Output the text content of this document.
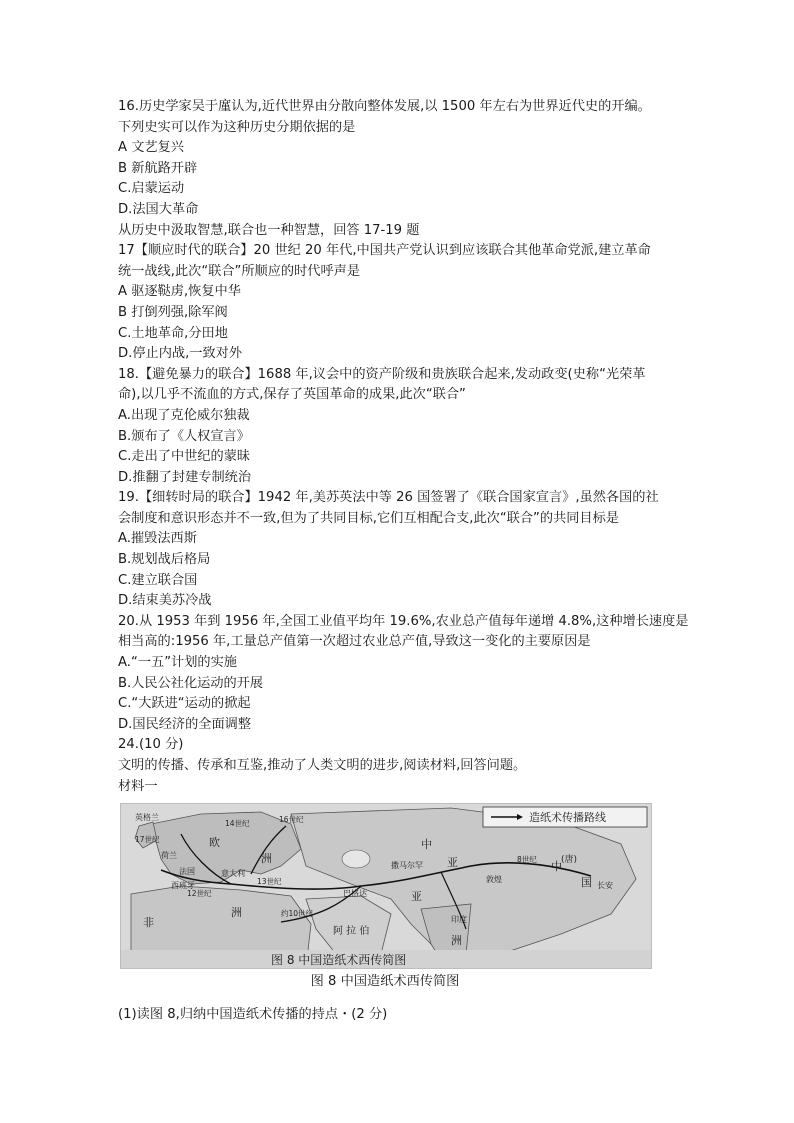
16.历史学家吴于廑认为,近代世界由分散向整体发展,以 1500 年左右为世界近代史的开编。
下列史实可以作为这种历史分期依据的是
A 文艺复兴
B 新航路开辟
C.启蒙运动
D.法国大革命
从历史中汲取智慧,联合也一种智慧，回答 17-19 题
17【顺应时代的联合】20 世纪 20 年代,中国共产党认识到应该联合其他革命党派,建立革命
统一战线,此次“联合”所顺应的时代呼声是
A 驱逐鞑虏,恢复中华
B 打倒列强,除军阀
C.土地革命,分田地
D.停止内战,一致对外
18.【避免暴力的联合】1688 年,议会中的资产阶级和贵族联合起来,发动政变(史称“光荣革
命),以几乎不流血的方式,保存了英国革命的成果,此次“联合”
A.出现了克伦威尔独裁
B.颁布了《人权宣言》
C.走出了中世纪的蒙昧
D.推翻了封建专制统治
19.【细转时局的联合】1942 年,美苏英法中等 26 国签署了《联合国家宣言》,虽然各国的社
会制度和意识形态并不一致,但为了共同目标,它们互相配合支,此次“联合”的共同目标是
A.摧毁法西斯
B.规划战后格局
C.建立联合国
D.结束美苏冷战
20.从 1953 年到 1956 年,全国工业值平均年 19.6%,农业总产值每年递增 4.8%,这种增长速度是
相当高的:1956 年,工量总产值第一次超过农业总产值,导致这一变化的主要原因是
A.“一五”计划的实施
B.人民公社化运动的开展
C.“大跃进“运动的掀起
D.国民经济的全面调整
24.(10 分)
文明的传播、传承和互鉴,推动了人类文明的进步,阅读材料,回答问题。
材料一
造纸术传播路线
欧
洲
非
洲
阿 拉 伯
中
亚
亚
洲
中
国
(唐)
英格兰
荷兰
法国	意大利
西班牙
巴格达
撒马尔罕
敦煌
长安
印度
14世纪	16世纪
17世纪
12世纪
13世纪
约10世纪
8世纪
图 8 中国造纸术西传简图
图 8 中国造纸术西传简图
(1)读图 8,归纳中国造纸术传播的持点・(2 分)
